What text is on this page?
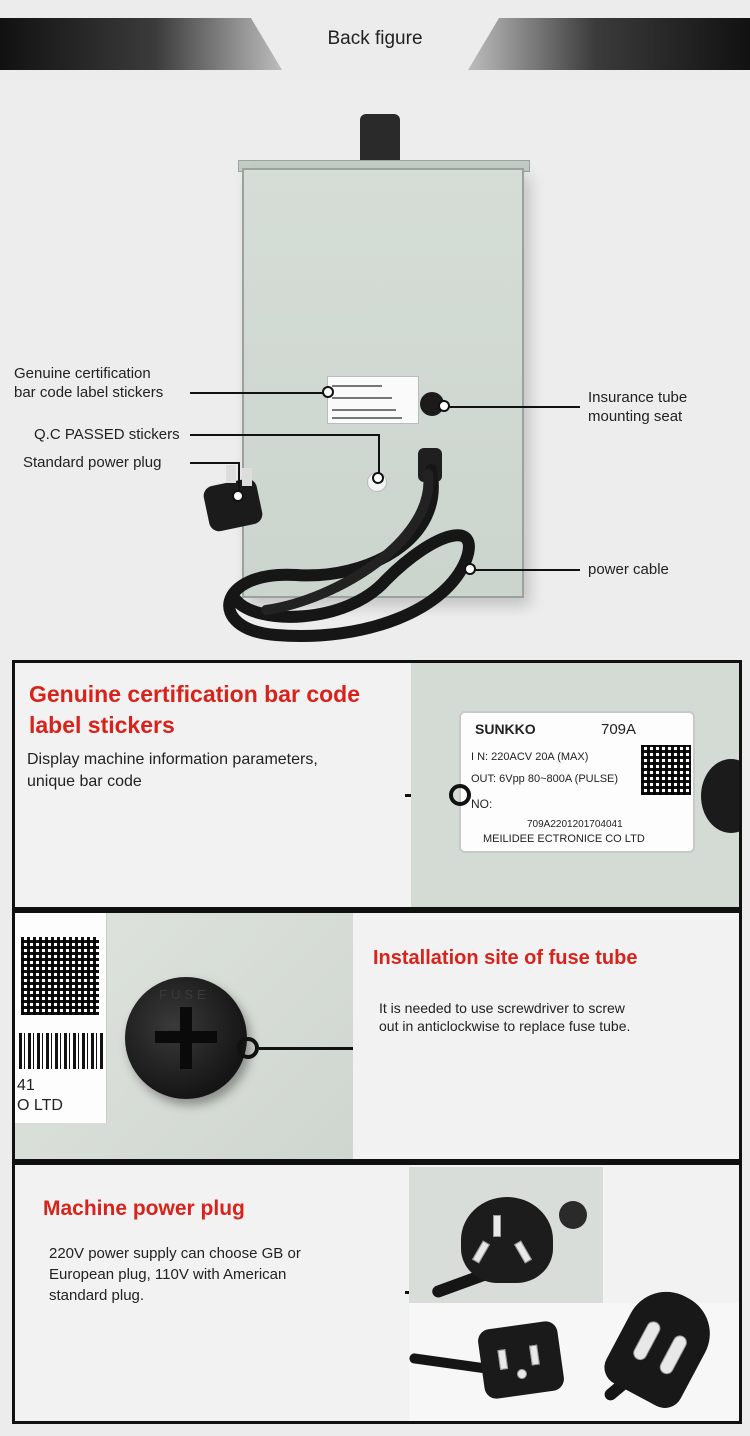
Back figure
Genuine certification
bar code label stickers
Q.C PASSED stickers
Standard power plug
Insurance tube
mounting seat
power cable
Genuine certification bar code
label stickers
Display machine information parameters,
unique bar code
SUNKKO	709A
I N: 220ACV 20A (MAX)
OUT: 6Vpp 80~800A (PULSE)
NO:
709A2201201704041
MEILIDEE ECTRONICE CO LTD
41
O LTD
FUSE
Installation site of fuse tube
It is needed to use screwdriver to screw
out in anticlockwise to replace fuse tube.
Machine power plug
220V power supply can choose GB or
European plug, 110V with American
standard plug.
